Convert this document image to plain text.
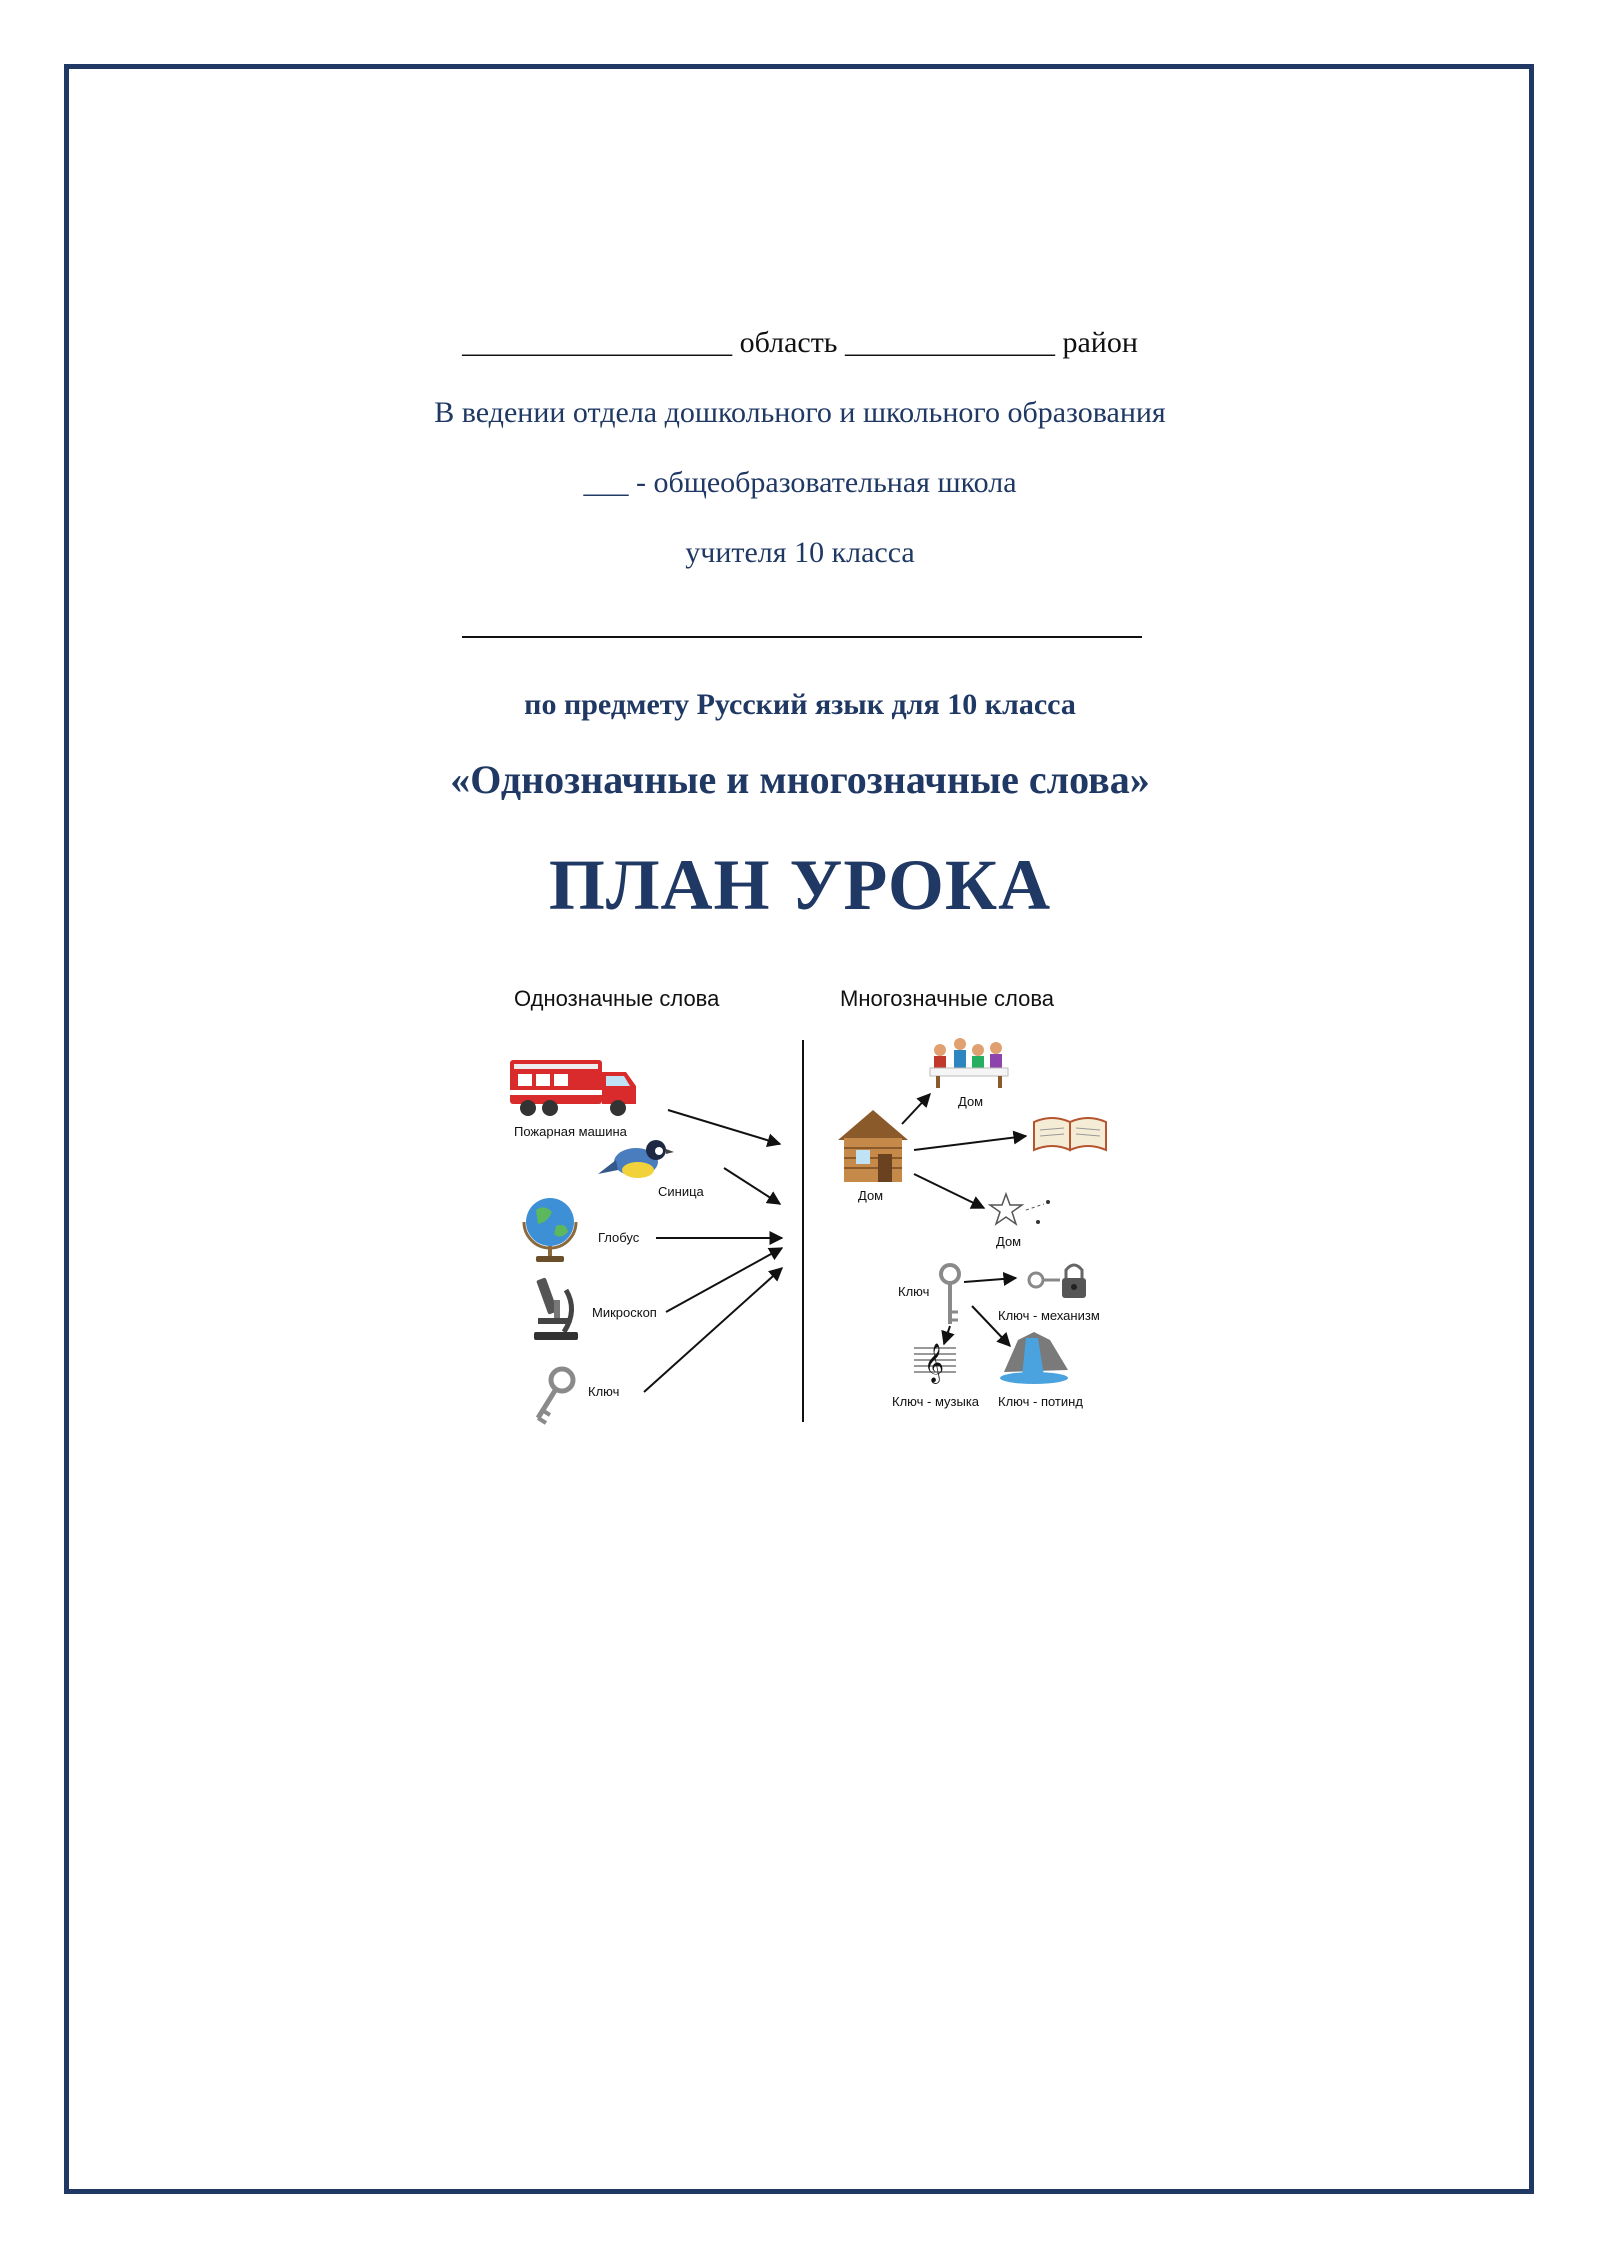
__________________ область ______________ район
В ведении отдела дошкольного и школьного образования
___ - общеобразовательная школа
учителя 10 класса
по предмету Русский язык для 10 класса
«Однозначные и многозначные слова»
ПЛАН УРОКА
Однозначные слова	Многозначные слова
Пожарная машина
Синица
Глобус
Микроскоп
Ключ
Дом
Дом
Дом
Ключ
Ключ - механизм
𝄞
Ключ - музыка Ключ - потинд
